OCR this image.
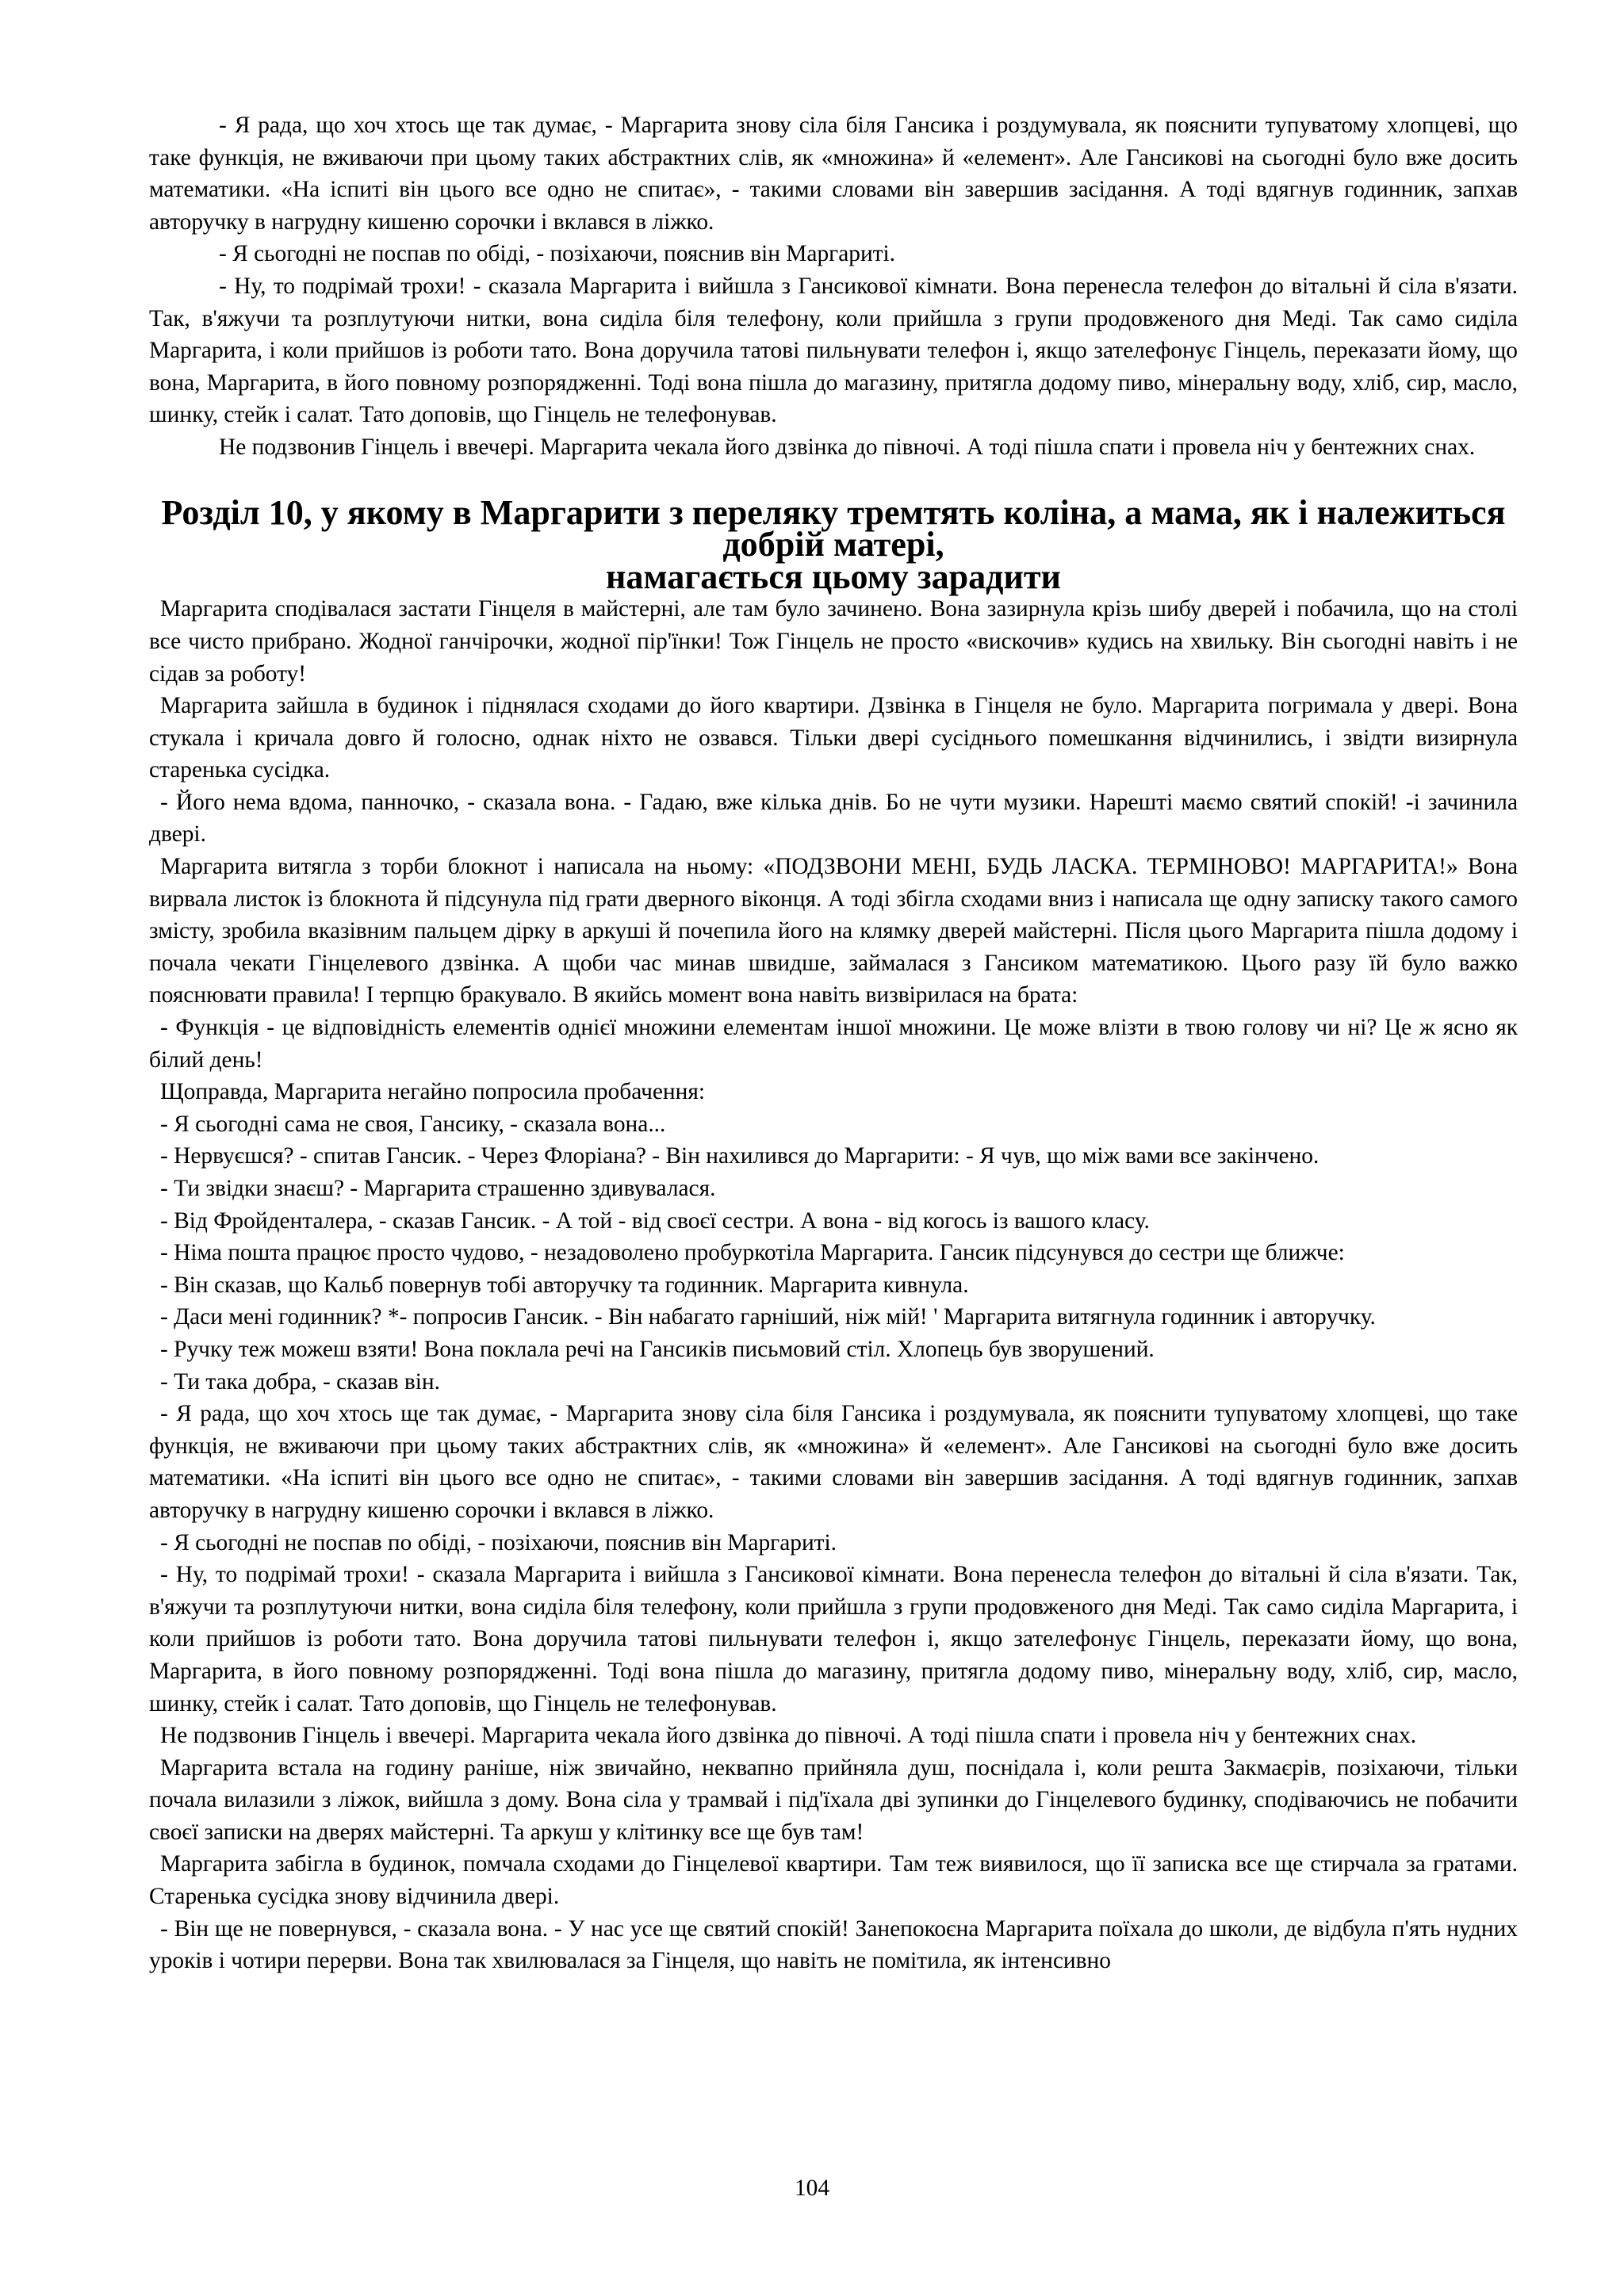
- Я рада, що хоч хтось ще так думає, - Маргарита знову сіла біля Гансика і роздумувала, як пояснити тупуватому хлопцеві, що таке функція, не вживаючи при цьому таких абстрактних слів, як «множина» й «елемент». Але Гансикові на сьогодні було вже досить математики. «На іспиті він цього все одно не спитає», - такими словами він завершив засідання. А тоді вдягнув годинник, запхав авторучку в нагрудну кишеню сорочки і вклався в ліжко.

- Я сьогодні не поспав по обіді, - позіхаючи, пояснив він Маргариті.

- Ну, то подрімай трохи! - сказала Маргарита і вийшла з Гансикової кімнати. Вона перенесла телефон до вітальні й сіла в'язати. Так, в'яжучи та розплутуючи нитки, вона сиділа біля телефону, коли прийшла з групи продовженого дня Меді. Так само сиділа Маргарита, і коли прийшов із роботи тато. Вона доручила татові пильнувати телефон і, якщо зателефонує Гінцель, переказати йому, що вона, Маргарита, в його повному розпорядженні. Тоді вона пішла до магазину, притягла додому пиво, мінеральну воду, хліб, сир, масло, шинку, стейк і салат. Тато доповів, що Гінцель не телефонував.

Не подзвонив Гінцель і ввечері. Маргарита чекала його дзвінка до півночі. А тоді пішла спати і провела ніч у бентежних снах.

Розділ 10, у якому в Маргарити з переляку тремтять коліна, а мама, як і належиться добрій матері,
намагається цьому зарадити

Маргарита сподівалася застати Гінцеля в майстерні, але там було зачинено. Вона зазирнула крізь шибу дверей і побачила, що на столі все чисто прибрано. Жодної ганчірочки, жодної пір'їнки! Тож Гінцель не просто «вискочив» кудись на хвильку. Він сьогодні навіть і не сідав за роботу!

Маргарита зайшла в будинок і піднялася сходами до його квартири. Дзвінка в Гінцеля не було. Маргарита погримала у двері. Вона стукала і кричала довго й голосно, однак ніхто не озвався. Тільки двері сусіднього помешкання відчинились, і звідти визирнула старенька сусідка.

- Його нема вдома, панночко, - сказала вона. - Гадаю, вже кілька днів. Бо не чути музики. Нарешті маємо святий спокій! -і зачинила двері.

Маргарита витягла з торби блокнот і написала на ньому: «ПОДЗВОНИ МЕНІ, БУДЬ ЛАСКА. ТЕРМІНОВО! МАРГАРИТА!» Вона вирвала листок із блокнота й підсунула під грати дверного віконця. А тоді збігла сходами вниз і написала ще одну записку такого самого змісту, зробила вказівним пальцем дірку в аркуші й почепила його на клямку дверей майстерні. Після цього Маргарита пішла додому і почала чекати Гінцелевого дзвінка. А щоби час минав швидше, займалася з Гансиком математикою. Цього разу їй було важко пояснювати правила! І терпцю бракувало. В якийсь момент вона навіть визвірилася на брата:

- Функція - це відповідність елементів однієї множини елементам іншої множини. Це може влізти в твою голову чи ні? Це ж ясно як білий день!

Щоправда, Маргарита негайно попросила пробачення:

- Я сьогодні сама не своя, Гансику, - сказала вона...

- Нервуєшся? - спитав Гансик. - Через Флоріана? - Він нахилився до Маргарити: - Я чув, що між вами все закінчено.

- Ти звідки знаєш? - Маргарита страшенно здивувалася.

- Від Фройденталера, - сказав Гансик. - А той - від своєї сестри. А вона - від когось із вашого класу.

- Німа пошта працює просто чудово, - незадоволено пробуркотіла Маргарита. Гансик підсунувся до сестри ще ближче:

- Він сказав, що Кальб повернув тобі авторучку та годинник. Маргарита кивнула.

- Даси мені годинник? *- попросив Гансик. - Він набагато гарніший, ніж мій! ' Маргарита витягнула годинник і авторучку.

- Ручку теж можеш взяти! Вона поклала речі на Гансиків письмовий стіл. Хлопець був зворушений.

- Ти така добра, - сказав він.

- Я рада, що хоч хтось ще так думає, - Маргарита знову сіла біля Гансика і роздумувала, як пояснити тупуватому хлопцеві, що таке функція, не вживаючи при цьому таких абстрактних слів, як «множина» й «елемент». Але Гансикові на сьогодні було вже досить математики. «На іспиті він цього все одно не спитає», - такими словами він завершив засідання. А тоді вдягнув годинник, запхав авторучку в нагрудну кишеню сорочки і вклався в ліжко.

- Я сьогодні не поспав по обіді, - позіхаючи, пояснив він Маргариті.

- Ну, то подрімай трохи! - сказала Маргарита і вийшла з Гансикової кімнати. Вона перенесла телефон до вітальні й сіла в'язати. Так, в'яжучи та розплутуючи нитки, вона сиділа біля телефону, коли прийшла з групи продовженого дня Меді. Так само сиділа Маргарита, і коли прийшов із роботи тато. Вона доручила татові пильнувати телефон і, якщо зателефонує Гінцель, переказати йому, що вона, Маргарита, в його повному розпорядженні. Тоді вона пішла до магазину, притягла додому пиво, мінеральну воду, хліб, сир, масло, шинку, стейк і салат. Тато доповів, що Гінцель не телефонував.

Не подзвонив Гінцель і ввечері. Маргарита чекала його дзвінка до півночі. А тоді пішла спати і провела ніч у бентежних снах.

Маргарита встала на годину раніше, ніж звичайно, неквапно прийняла душ, поснідала і, коли решта Закмаєрів, позіхаючи, тільки почала вилазили з ліжок, вийшла з дому. Вона сіла у трамвай і під'їхала дві зупинки до Гінцелевого будинку, сподіваючись не побачити своєї записки на дверях майстерні. Та аркуш у клітинку все ще був там!

Маргарита забігла в будинок, помчала сходами до Гінцелевої квартири. Там теж виявилося, що її записка все ще стирчала за гратами. Старенька сусідка знову відчинила двері.

- Він ще не повернувся, - сказала вона. - У нас усе ще святий спокій! Занепокоєна Маргарита поїхала до школи, де відбула п'ять нудних уроків і чотири перерви. Вона так хвилювалася за Гінцеля, що навіть не помітила, як інтенсивно

104
